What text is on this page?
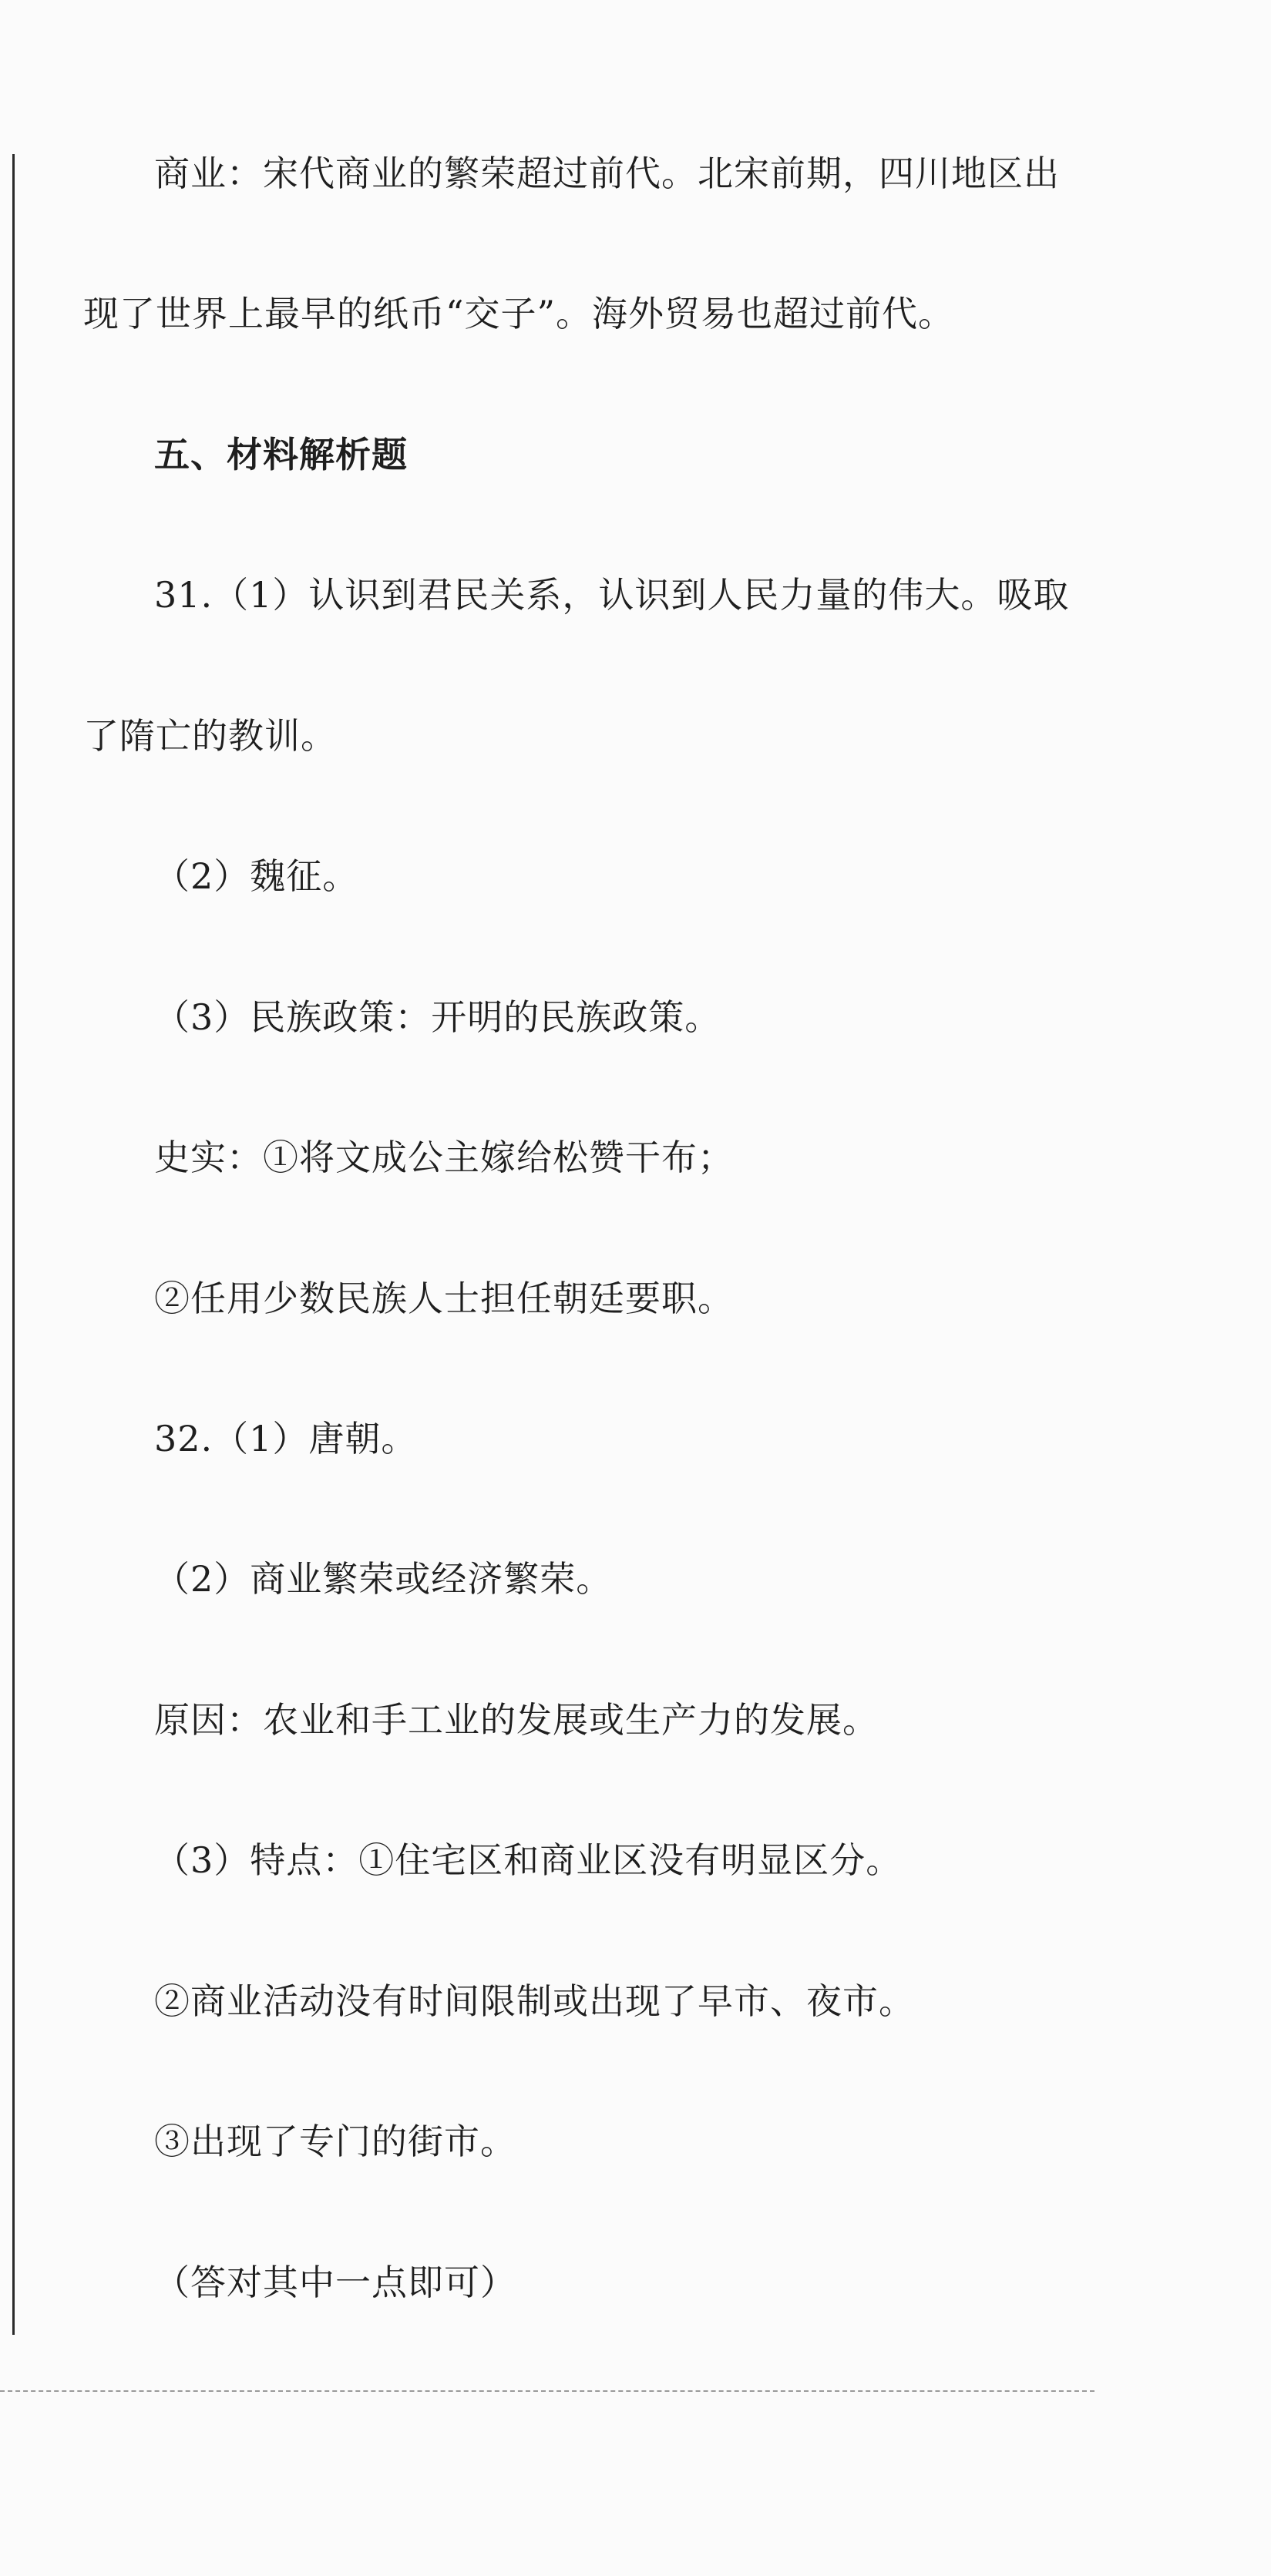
商业：宋代商业的繁荣超过前代。北宋前期，四川地区出
现了世界上最早的纸币“交子”。海外贸易也超过前代。
五、材料解析题
31.（1）认识到君民关系，认识到人民力量的伟大。吸取
了隋亡的教训。
（2）魏征。
（3）民族政策：开明的民族政策。
史实：①将文成公主嫁给松赞干布；
②任用少数民族人士担任朝廷要职。
32.（1）唐朝。
（2）商业繁荣或经济繁荣。
原因：农业和手工业的发展或生产力的发展。
（3）特点：①住宅区和商业区没有明显区分。
②商业活动没有时间限制或出现了早市、夜市。
③出现了专门的街市。
（答对其中一点即可）
